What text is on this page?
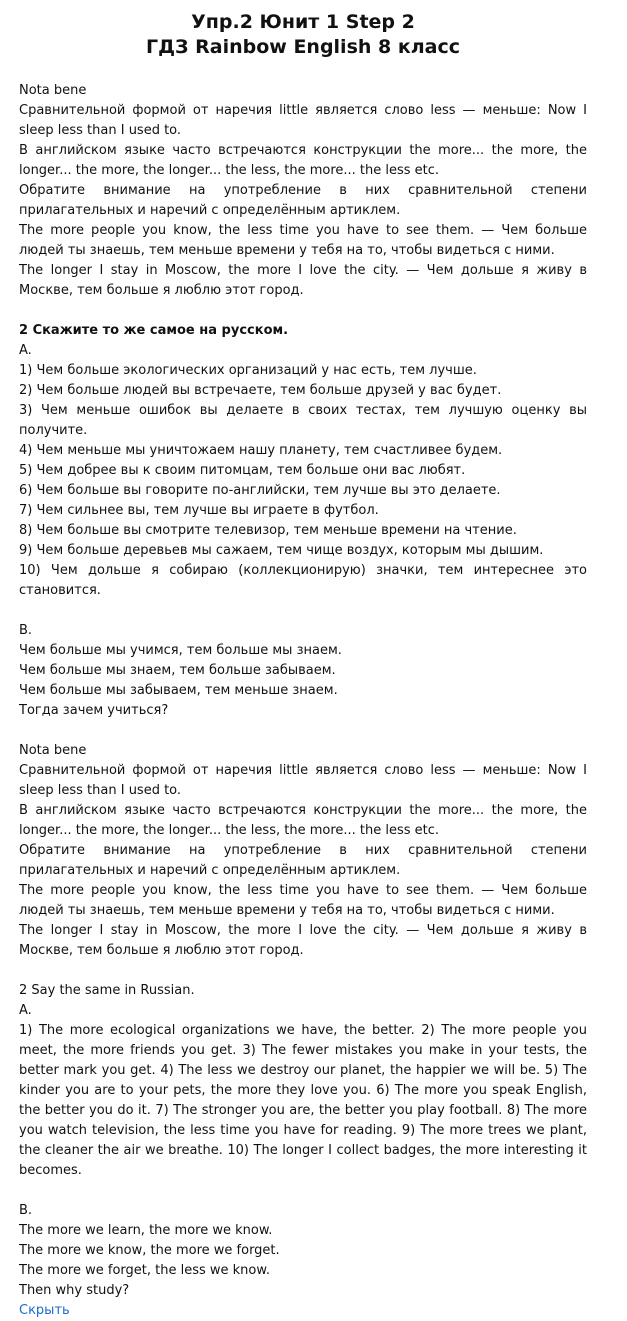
Упр.2 Юнит 1 Step 2
ГДЗ Rainbow English 8 класс

Nota bene

Сравнительной формой от наречия little является слово less — меньше: Now I sleep less than I used to.

В английском языке часто встречаются конструкции the more... the more, the longer... the more, the longer... the less, the more... the less etc.

Обратите внимание на употребление в них сравнительной степени прилагательных и наречий с определённым артиклем.

The more people you know, the less time you have to see them. — Чем больше людей ты знаешь, тем меньше времени у тебя на то, чтобы видеться с ними.

The longer I stay in Moscow, the more I love the city. — Чем дольше я живу в Москве, тем больше я люблю этот город.

2 Скажите то же самое на русском.

A.

1) Чем больше экологических организаций у нас есть, тем лучше.

2) Чем больше людей вы встречаете, тем больше друзей у вас будет.

3) Чем меньше ошибок вы делаете в своих тестах, тем лучшую оценку вы получите.

4) Чем меньше мы уничтожаем нашу планету, тем счастливее будем.

5) Чем добрее вы к своим питомцам, тем больше они вас любят.

6) Чем больше вы говорите по-английски, тем лучше вы это делаете.

7) Чем сильнее вы, тем лучше вы играете в футбол.

8) Чем больше вы смотрите телевизор, тем меньше времени на чтение.

9) Чем больше деревьев мы сажаем, тем чище воздух, которым мы дышим.

10) Чем дольше я собираю (коллекционирую) значки, тем интереснее это становится.

B.

Чем больше мы учимся, тем больше мы знаем.

Чем больше мы знаем, тем больше забываем.

Чем больше мы забываем, тем меньше знаем.

Тогда зачем учиться?

Nota bene

Сравнительной формой от наречия little является слово less — меньше: Now I sleep less than I used to.

В английском языке часто встречаются конструкции the more... the more, the longer... the more, the longer... the less, the more... the less etc.

Обратите внимание на употребление в них сравнительной степени прилагательных и наречий с определённым артиклем.

The more people you know, the less time you have to see them. — Чем больше людей ты знаешь, тем меньше времени у тебя на то, чтобы видеться с ними.

The longer I stay in Moscow, the more I love the city. — Чем дольше я живу в Москве, тем больше я люблю этот город.

2 Say the same in Russian.

A.

1) The more ecological organizations we have, the better. 2) The more people you meet, the more friends you get. 3) The fewer mistakes you make in your tests, the better mark you get. 4) The less we destroy our planet, the happier we will be. 5) The kinder you are to your pets, the more they love you. 6) The more you speak English, the better you do it. 7) The stronger you are, the better you play football. 8) The more you watch television, the less time you have for reading. 9) The more trees we plant, the cleaner the air we breathe. 10) The longer I collect badges, the more interesting it becomes.

B.

The more we learn, the more we know.

The more we know, the more we forget.

The more we forget, the less we know.

Then why study?

Скрыть
